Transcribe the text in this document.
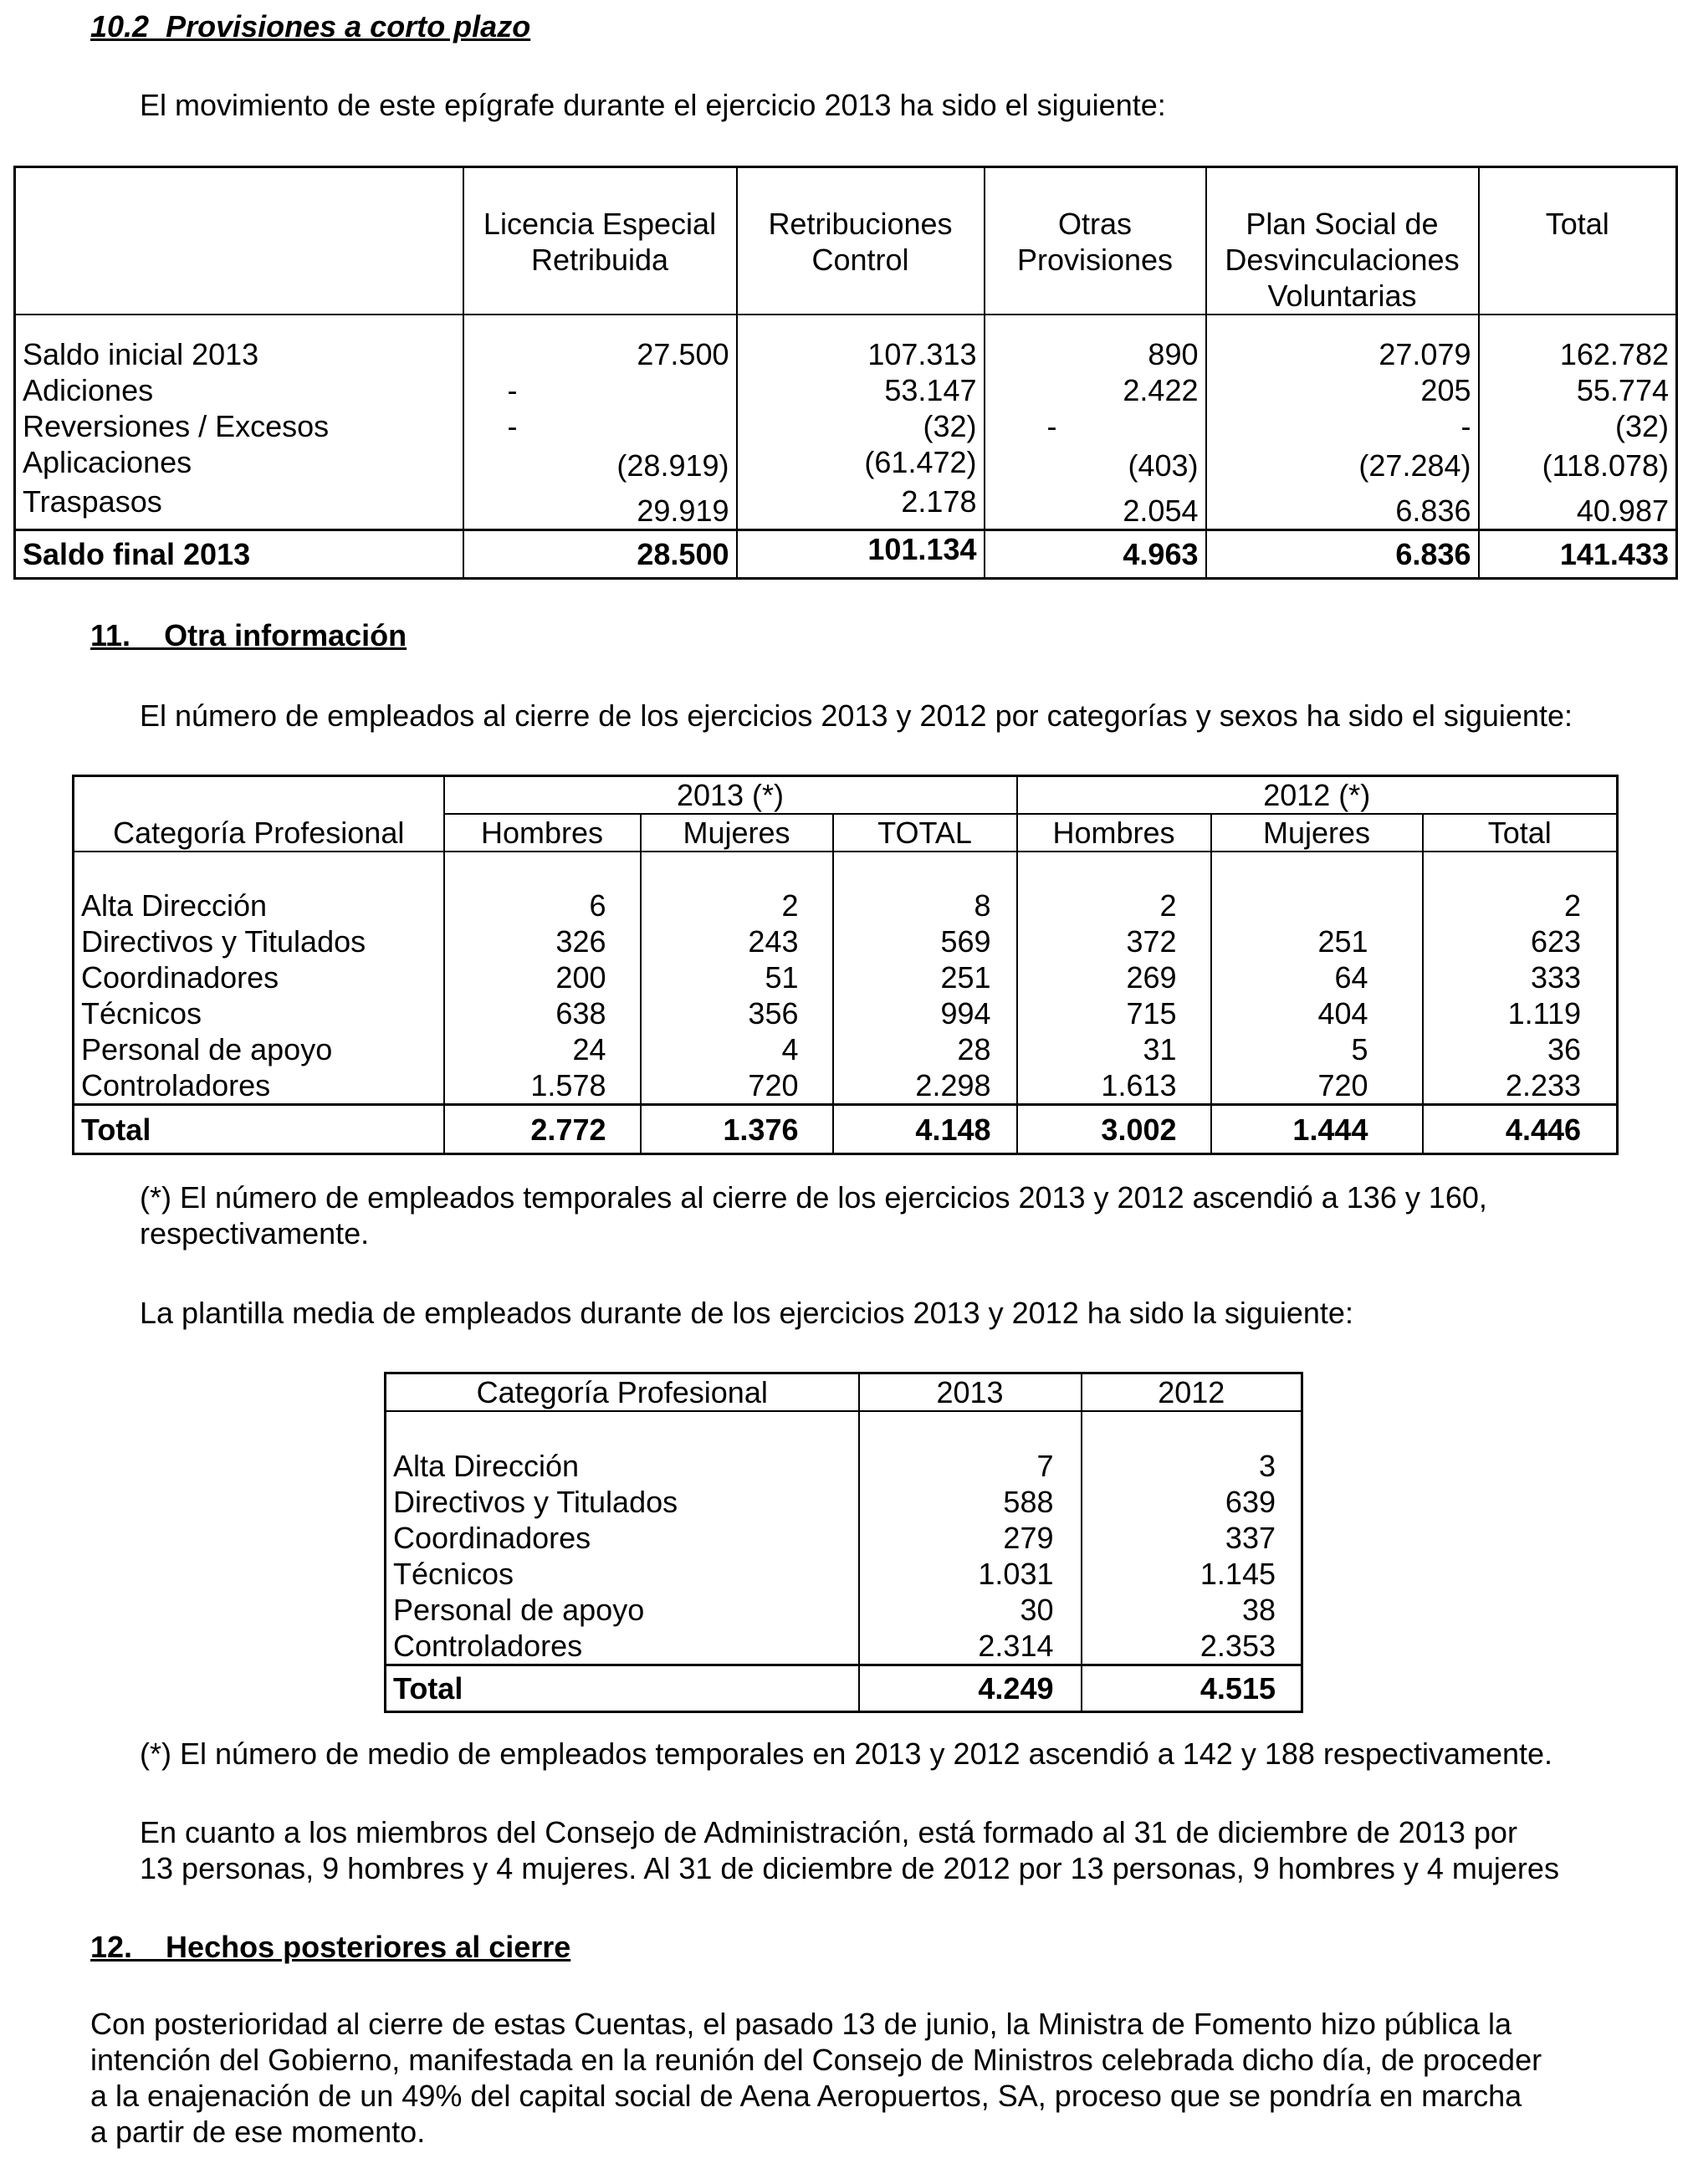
10.2  Provisiones a corto plazo
El movimiento de este epígrafe durante el ejercicio 2013 ha sido el siguiente:
	Licencia Especial Retribuida	Retribuciones Control	Otras Provisiones	Plan Social de Desvinculaciones Voluntarias	Total
Saldo inicial 2013	27.500	107.313	890	27.079	162.782
Adiciones	-	53.147	2.422	205	55.774
Reversiones / Excesos	-	(32)	-	-	(32)
Aplicaciones	(28.919)	(61.472)	(403)	(27.284)	(118.078)
Traspasos	29.919	2.178	2.054	6.836	40.987
Saldo final 2013	28.500	101.134	4.963	6.836	141.433
11.    Otra información
El número de empleados al cierre de los ejercicios 2013 y 2012 por categorías y sexos ha sido el siguiente:
Categoría Profesional	2013 (*)			2012 (*)		
	Hombres	Mujeres	TOTAL	Hombres	Mujeres	Total
Alta Dirección	6	2	8	2		2
Directivos y Titulados	326	243	569	372	251	623
Coordinadores	200	51	251	269	64	333
Técnicos	638	356	994	715	404	1.119
Personal de apoyo	24	4	28	31	5	36
Controladores	1.578	720	2.298	1.613	720	2.233
Total	2.772	1.376	4.148	3.002	1.444	4.446
(*) El número de empleados temporales al cierre de los ejercicios 2013 y 2012 ascendió a 136 y 160,
respectivamente.
La plantilla media de empleados durante de los ejercicios 2013 y 2012 ha sido la siguiente:
Categoría Profesional	2013	2012
Alta Dirección	7	3
Directivos y Titulados	588	639
Coordinadores	279	337
Técnicos	1.031	1.145
Personal de apoyo	30	38
Controladores	2.314	2.353
Total	4.249	4.515
(*) El número de medio de empleados temporales en 2013 y 2012 ascendió a 142 y 188 respectivamente.
En cuanto a los miembros del Consejo de Administración, está formado al 31 de diciembre de 2013 por
13 personas, 9 hombres y 4 mujeres. Al 31 de diciembre de 2012 por 13 personas, 9 hombres y 4 mujeres
12.    Hechos posteriores al cierre
Con posterioridad al cierre de estas Cuentas, el pasado 13 de junio, la Ministra de Fomento hizo pública la
intención del Gobierno, manifestada en la reunión del Consejo de Ministros celebrada dicho día, de proceder
a la enajenación de un 49% del capital social de Aena Aeropuertos, SA, proceso que se pondría en marcha
a partir de ese momento.
